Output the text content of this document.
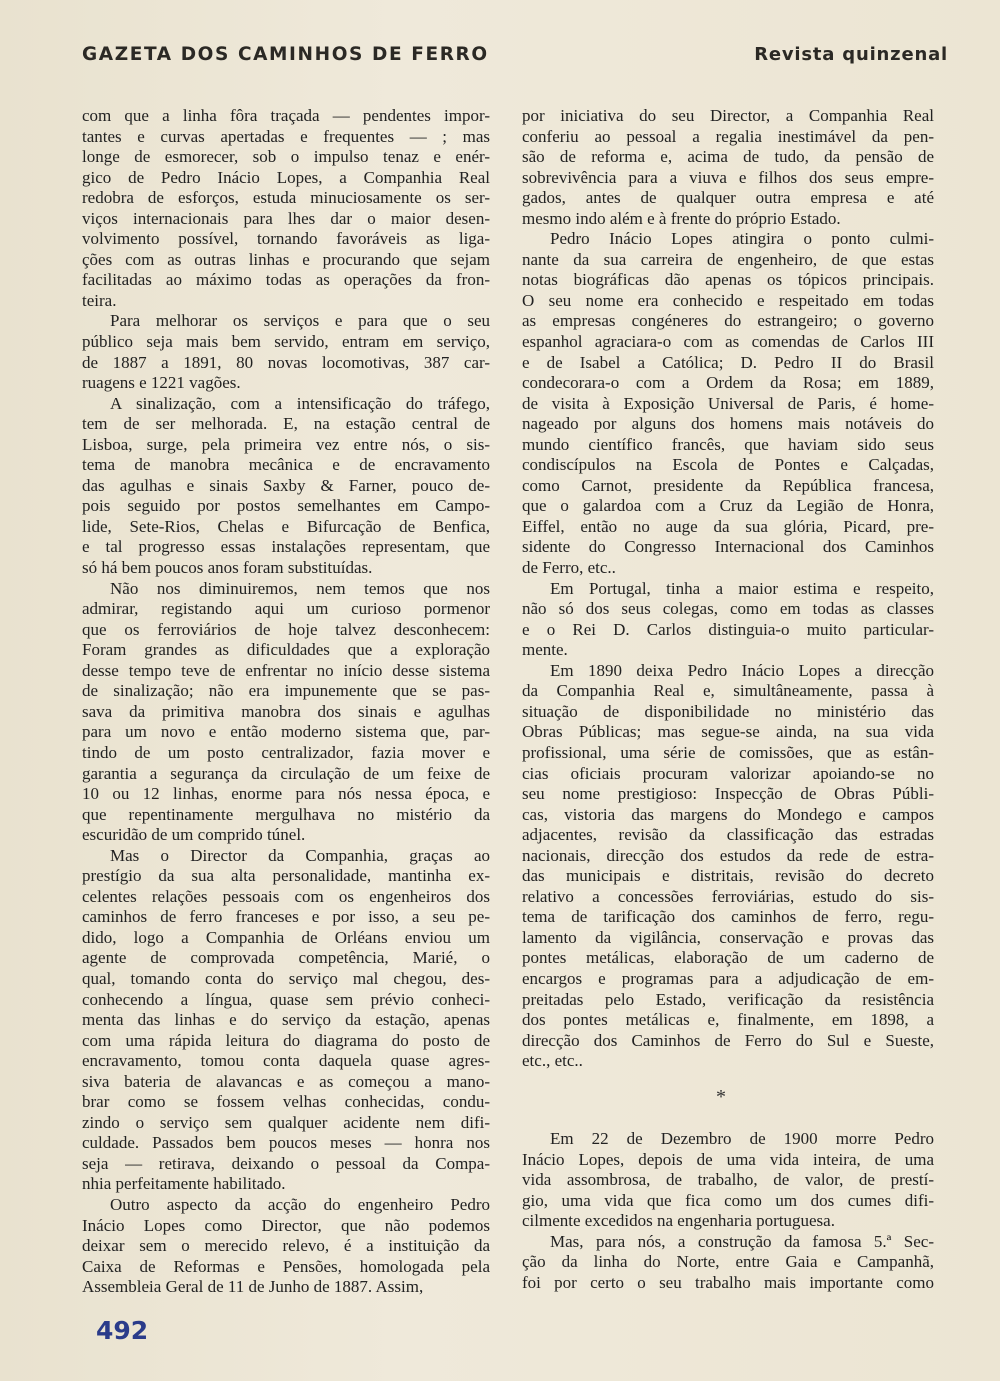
GAZETA DOS CAMINHOS DE FERRO	Revista quinzenal
com que a linha fôra traçada — pendentes impor-
tantes e curvas apertadas e frequentes — ; mas
longe de esmorecer, sob o impulso tenaz e enér-
gico de Pedro Inácio Lopes, a Companhia Real
redobra de esforços, estuda minuciosamente os ser-
viços internacionais para lhes dar o maior desen-
volvimento possível, tornando favoráveis as liga-
ções com as outras linhas e procurando que sejam
facilitadas ao máximo todas as operações da fron-
teira.
Para melhorar os serviços e para que o seu
público seja mais bem servido, entram em serviço,
de 1887 a 1891, 80 novas locomotivas, 387 car-
ruagens e 1221 vagões.
A sinalização, com a intensificação do tráfego,
tem de ser melhorada. E, na estação central de
Lisboa, surge, pela primeira vez entre nós, o sis-
tema de manobra mecânica e de encravamento
das agulhas e sinais Saxby & Farner, pouco de-
pois seguido por postos semelhantes em Campo-
lide, Sete-Rios, Chelas e Bifurcação de Benfica,
e tal progresso essas instalações representam, que
só há bem poucos anos foram substituídas.
Não nos diminuiremos, nem temos que nos
admirar, registando aqui um curioso pormenor
que os ferroviários de hoje talvez desconhecem:
Foram grandes as dificuldades que a exploração
desse tempo teve de enfrentar no início desse sistema
de sinalização; não era impunemente que se pas-
sava da primitiva manobra dos sinais e agulhas
para um novo e então moderno sistema que, par-
tindo de um posto centralizador, fazia mover e
garantia a segurança da circulação de um feixe de
10 ou 12 linhas, enorme para nós nessa época, e
que repentinamente mergulhava no mistério da
escuridão de um comprido túnel.
Mas o Director da Companhia, graças ao
prestígio da sua alta personalidade, mantinha ex-
celentes relações pessoais com os engenheiros dos
caminhos de ferro franceses e por isso, a seu pe-
dido, logo a Companhia de Orléans enviou um
agente de comprovada competência, Marié, o
qual, tomando conta do serviço mal chegou, des-
conhecendo a língua, quase sem prévio conheci-
menta das linhas e do serviço da estação, apenas
com uma rápida leitura do diagrama do posto de
encravamento, tomou conta daquela quase agres-
siva bateria de alavancas e as começou a mano-
brar como se fossem velhas conhecidas, condu-
zindo o serviço sem qualquer acidente nem difi-
culdade. Passados bem poucos meses — honra nos
seja — retirava, deixando o pessoal da Compa-
nhia perfeitamente habilitado.
Outro aspecto da acção do engenheiro Pedro
Inácio Lopes como Director, que não podemos
deixar sem o merecido relevo, é a instituição da
Caixa de Reformas e Pensões, homologada pela
Assembleia Geral de 11 de Junho de 1887. Assim,
por iniciativa do seu Director, a Companhia Real
conferiu ao pessoal a regalia inestimável da pen-
são de reforma e, acima de tudo, da pensão de
sobrevivência para a viuva e filhos dos seus empre-
gados, antes de qualquer outra empresa e até
mesmo indo além e à frente do próprio Estado.
Pedro Inácio Lopes atingira o ponto culmi-
nante da sua carreira de engenheiro, de que estas
notas biográficas dão apenas os tópicos principais.
O seu nome era conhecido e respeitado em todas
as empresas congéneres do estrangeiro; o governo
espanhol agraciara-o com as comendas de Carlos III
e de Isabel a Católica; D. Pedro II do Brasil
condecorara-o com a Ordem da Rosa; em 1889,
de visita à Exposição Universal de Paris, é home-
nageado por alguns dos homens mais notáveis do
mundo científico francês, que haviam sido seus
condiscípulos na Escola de Pontes e Calçadas,
como Carnot, presidente da República francesa,
que o galardoa com a Cruz da Legião de Honra,
Eiffel, então no auge da sua glória, Picard, pre-
sidente do Congresso Internacional dos Caminhos
de Ferro, etc..
Em Portugal, tinha a maior estima e respeito,
não só dos seus colegas, como em todas as classes
e o Rei D. Carlos distinguia-o muito particular-
mente.
Em 1890 deixa Pedro Inácio Lopes a direcção
da Companhia Real e, simultâneamente, passa à
situação de disponibilidade no ministério das
Obras Públicas; mas segue-se ainda, na sua vida
profissional, uma série de comissões, que as estân-
cias oficiais procuram valorizar apoiando-se no
seu nome prestigioso: Inspecção de Obras Públi-
cas, vistoria das margens do Mondego e campos
adjacentes, revisão da classificação das estradas
nacionais, direcção dos estudos da rede de estra-
das municipais e distritais, revisão do decreto
relativo a concessões ferroviárias, estudo do sis-
tema de tarificação dos caminhos de ferro, regu-
lamento da vigilância, conservação e provas das
pontes metálicas, elaboração de um caderno de
encargos e programas para a adjudicação de em-
preitadas pelo Estado, verificação da resistência
dos pontes metálicas e, finalmente, em 1898, a
direcção dos Caminhos de Ferro do Sul e Sueste,
etc., etc..
*
Em 22 de Dezembro de 1900 morre Pedro
Inácio Lopes, depois de uma vida inteira, de uma
vida assombrosa, de trabalho, de valor, de prestí-
gio, uma vida que fica como um dos cumes difi-
cilmente excedidos na engenharia portuguesa.
Mas, para nós, a construção da famosa 5.ª Sec-
ção da linha do Norte, entre Gaia e Campanhã,
foi por certo o seu trabalho mais importante como
492
